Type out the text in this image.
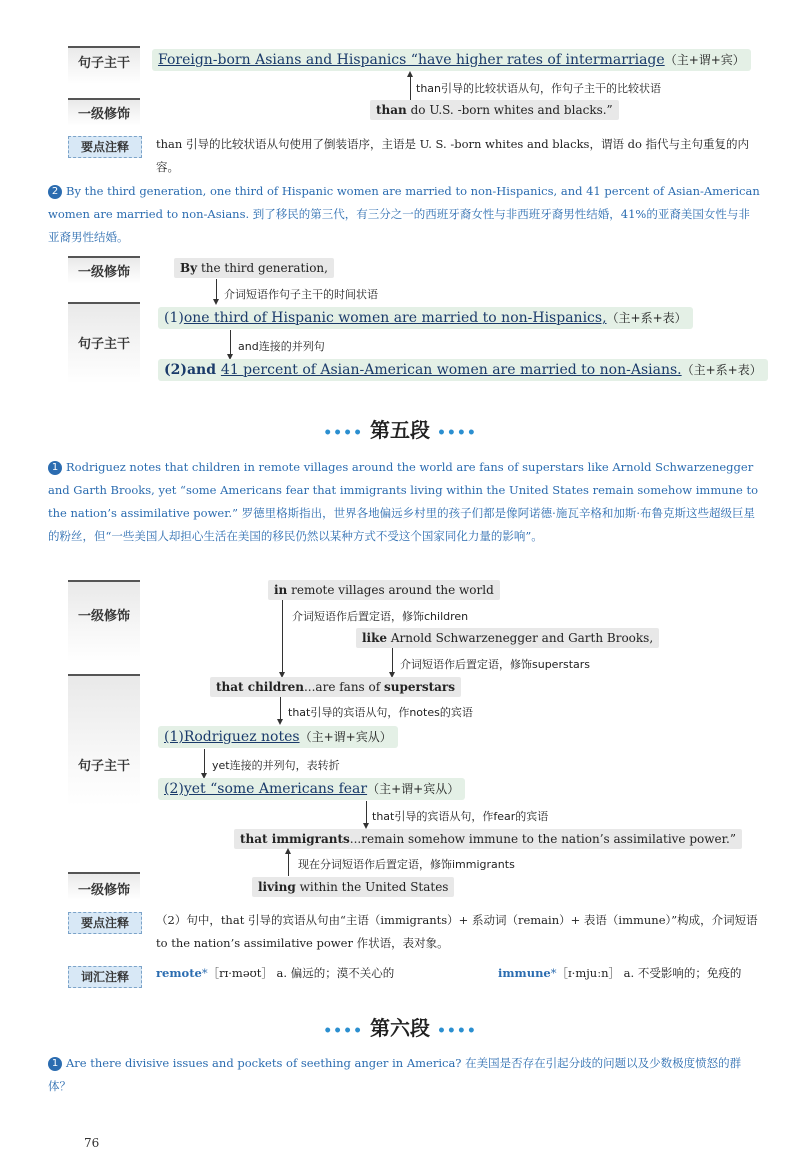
句子主干	Foreign-born Asians and Hispanics “have higher rates of intermarriage（主+谓+宾）
than引导的比较状语从句，作句子主干的比较状语
一级修饰	than do U.S. -born whites and blacks.”
要点注释	than 引导的比较状语从句使用了倒装语序，主语是 U. S. -born whites and blacks，谓语 do 指代与主句重复的内容。
2 By the third generation, one third of Hispanic women are married to non-Hispanics, and 41 percent of Asian-American women are married to non-Asians. 到了移民的第三代，有三分之一的西班牙裔女性与非西班牙裔男性结婚，41%的亚裔美国女性与非亚裔男性结婚。
一级修饰	By the third generation,
介词短语作句子主干的时间状语
句子主干
(1)one third of Hispanic women are married to non-Hispanics,（主+系+表）
and连接的并列句
(2)and 41 percent of Asian-American women are married to non-Asians.（主+系+表）
•••• 第五段 ••••
1 Rodriguez notes that children in remote villages around the world are fans of superstars like Arnold Schwarzenegger and Garth Brooks, yet “some Americans fear that immigrants living within the United States remain somehow immune to the nation’s assimilative power.” 罗德里格斯指出，世界各地偏远乡村里的孩子们都是像阿诺德·施瓦辛格和加斯·布鲁克斯这些超级巨星的粉丝，但“一些美国人却担心生活在美国的移民仍然以某种方式不受这个国家同化力量的影响”。
一级修饰
in remote villages around the world
介词短语作后置定语，修饰children
like Arnold Schwarzenegger and Garth Brooks,
介词短语作后置定语，修饰superstars
that children...are fans of superstars
that引导的宾语从句，作notes的宾语
句子主干
(1)Rodriguez notes（主+谓+宾从）
yet连接的并列句，表转折
(2)yet “some Americans fear（主+谓+宾从）
that引导的宾语从句，作fear的宾语
that immigrants...remain somehow immune to the nation’s assimilative power.”
现在分词短语作后置定语，修饰immigrants
一级修饰	living within the United States
要点注释	（2）句中，that 引导的宾语从句由“主语（immigrants）+ 系动词（remain）+ 表语（immune）”构成，介词短语 to the nation’s assimilative power 作状语，表对象。
词汇注释	remote*［rɪ·məʊt］ a. 偏远的；漠不关心的	immune*［ɪ·mjuːn］ a. 不受影响的；免疫的
•••• 第六段 ••••
1 Are there divisive issues and pockets of seething anger in America? 在美国是否存在引起分歧的问题以及少数极度愤怒的群体？
76
